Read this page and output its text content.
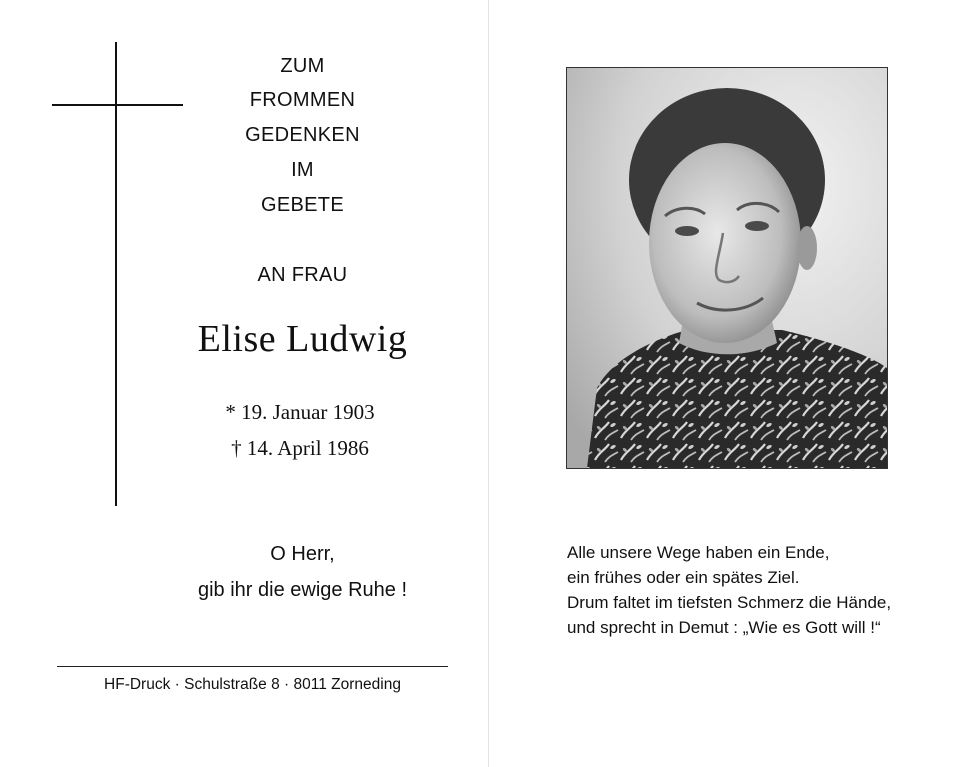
ZUM
FROMMEN
GEDENKEN
IM
GEBETE
AN FRAU
Elise Ludwig
* 19. Januar 1903
† 14. April 1986
O Herr,
gib ihr die ewige Ruhe !
HF-Druck · Schulstraße 8 · 8011 Zorneding
Alle unsere Wege haben ein Ende,
ein frühes oder ein spätes Ziel.
Drum faltet im tiefsten Schmerz die Hände,
und sprecht in Demut : „Wie es Gott will !“
